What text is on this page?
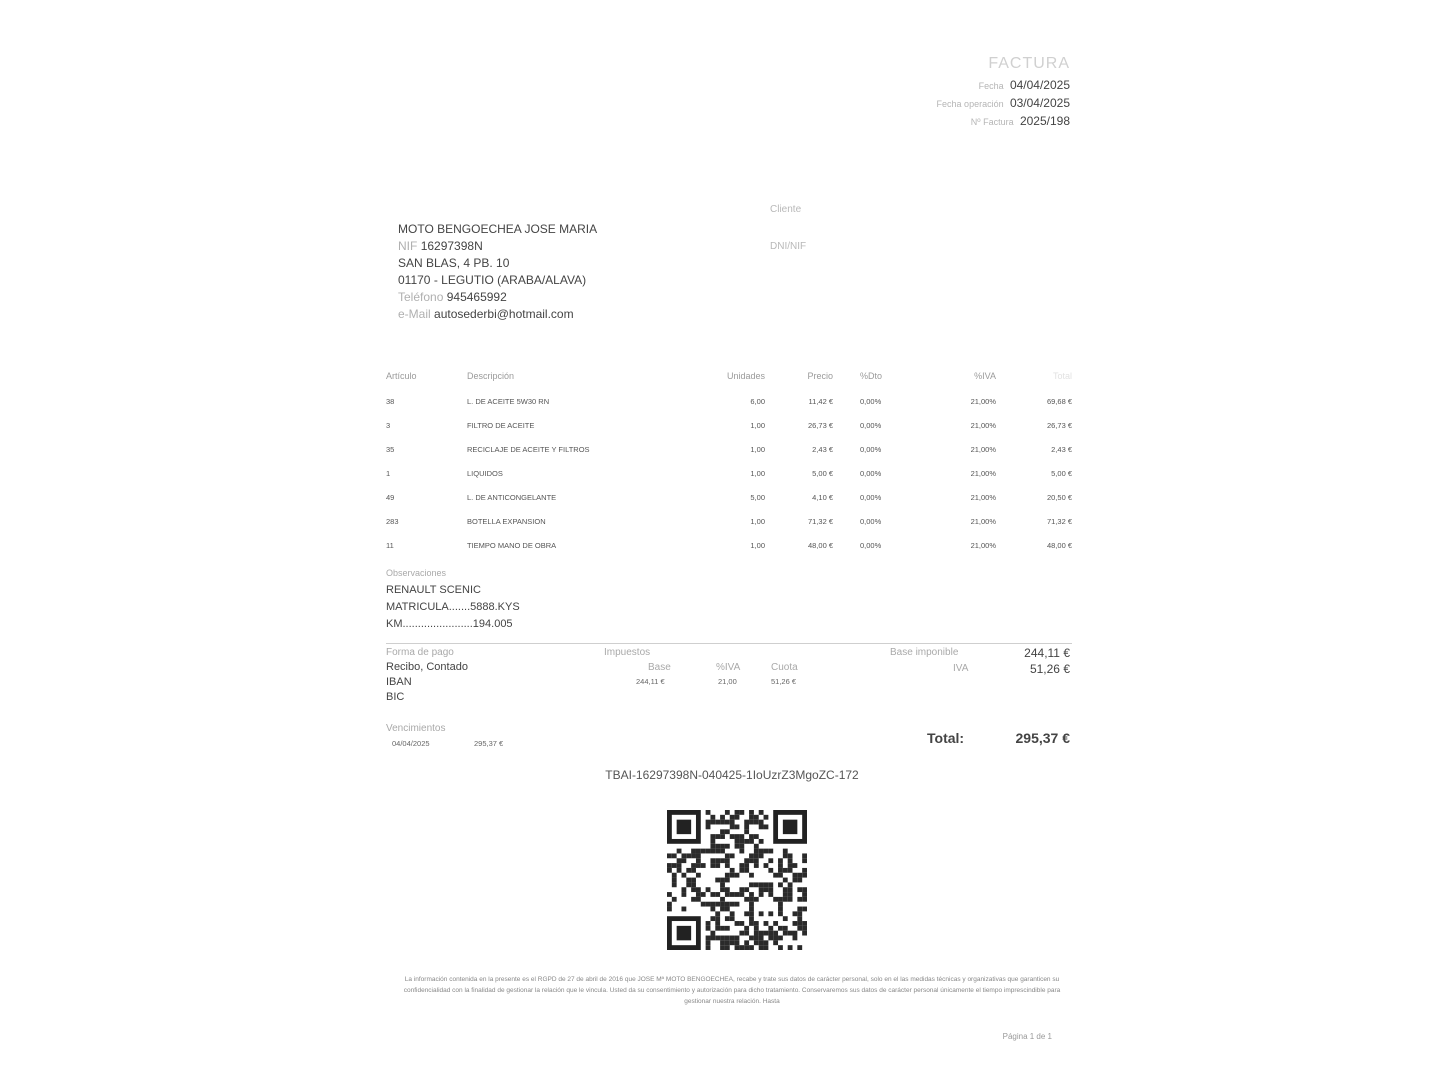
FACTURA
Fecha 04/04/2025
Fecha operación 03/04/2025
Nº Factura 2025/198
MOTO BENGOECHEA JOSE MARIA
NIF 16297398N
SAN BLAS, 4 PB. 10
01170 - LEGUTIO (ARABA/ALAVA)
Teléfono 945465992
e-Mail autosederbi@hotmail.com
Cliente
DNI/NIF
Artículo	Descripción	Unidades	Precio	%Dto	%IVA	Total
38	L. DE ACEITE 5W30 RN	6,00	11,42 €	0,00%	21,00%	69,68 €
3	FILTRO DE ACEITE	1,00	26,73 €	0,00%	21,00%	26,73 €
35	RECICLAJE DE ACEITE Y FILTROS	1,00	2,43 €	0,00%	21,00%	2,43 €
1	LIQUIDOS	1,00	5,00 €	0,00%	21,00%	5,00 €
49	L. DE ANTICONGELANTE	5,00	4,10 €	0,00%	21,00%	20,50 €
283	BOTELLA EXPANSION	1,00	71,32 €	0,00%	21,00%	71,32 €
11	TIEMPO MANO DE OBRA	1,00	48,00 €	0,00%	21,00%	48,00 €
Observaciones
RENAULT SCENIC
MATRICULA.......5888.KYS
KM.......................194.005
Forma de pago
Recibo, Contado
IBAN
BIC
Impuestos
Base	%IVA	Cuota
244,11 €	21,00	51,26 €
Base imponible	244,11 €
IVA	51,26 €
Vencimientos
04/04/2025	295,37 €	Total:	295,37 €
TBAI-16297398N-040425-1IoUzrZ3MgoZC-172
La información contenida en la presente es el RGPD de 27 de abril de 2016 que JOSE Mª MOTO BENGOECHEA, recabe y trate sus datos de carácter personal, solo en el las medidas técnicas y organizativas que garanticen su confidencialidad con la finalidad de gestionar la relación que le vincula. Usted da su consentimiento y autorización para dicho tratamiento. Conservaremos sus datos de carácter personal únicamente el tiempo imprescindible para gestionar nuestra relación. Hasta
Página 1 de 1
